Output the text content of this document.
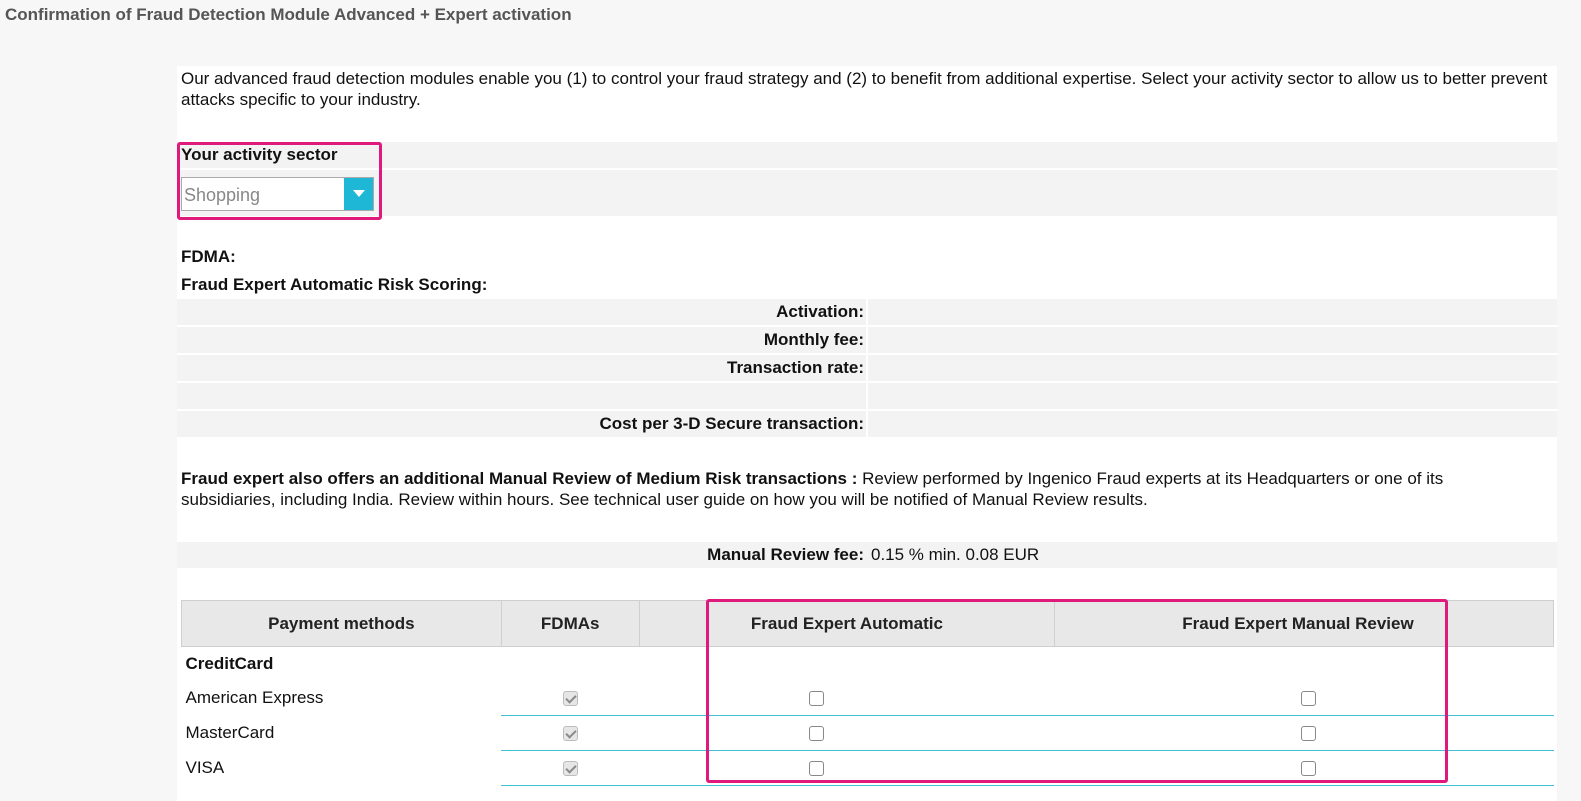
Confirmation of Fraud Detection Module Advanced + Expert activation
Our advanced fraud detection modules enable you (1) to control your fraud strategy and (2) to benefit from additional expertise. Select your activity sector to allow us to better prevent attacks specific to your industry.
Your activity sector
Shopping
FDMA:
Fraud Expert Automatic Risk Scoring:
Activation:
Monthly fee:
Transaction rate:
Cost per 3-D Secure transaction:
Fraud expert also offers an additional Manual Review of Medium Risk transactions : Review performed by Ingenico Fraud experts at its Headquarters or one of its subsidiaries, including India. Review within hours. See technical user guide on how you will be notified of Manual Review results.
Manual Review fee: 0.15 % min. 0.08 EUR
Payment methods	FDMAs	Fraud Expert Automatic	Fraud Expert Manual Review
CreditCard			
American Express			
MasterCard			
VISA			
